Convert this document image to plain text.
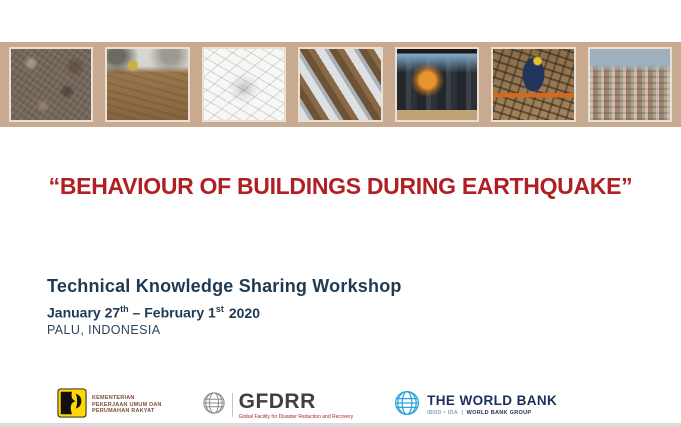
“BEHAVIOUR OF BUILDINGS DURING EARTHQUAKE”
Technical Knowledge Sharing Workshop
January 27th – February 1st 2020
PALU, INDONESIA
KEMENTERIAN
PEKERJAAN UMUM DAN
PERUMAHAN RAKYAT	GFDRR
Global Facility for Disaster Reduction and Recovery
THE WORLD BANK
IBRD • IDA | WORLD BANK GROUP
